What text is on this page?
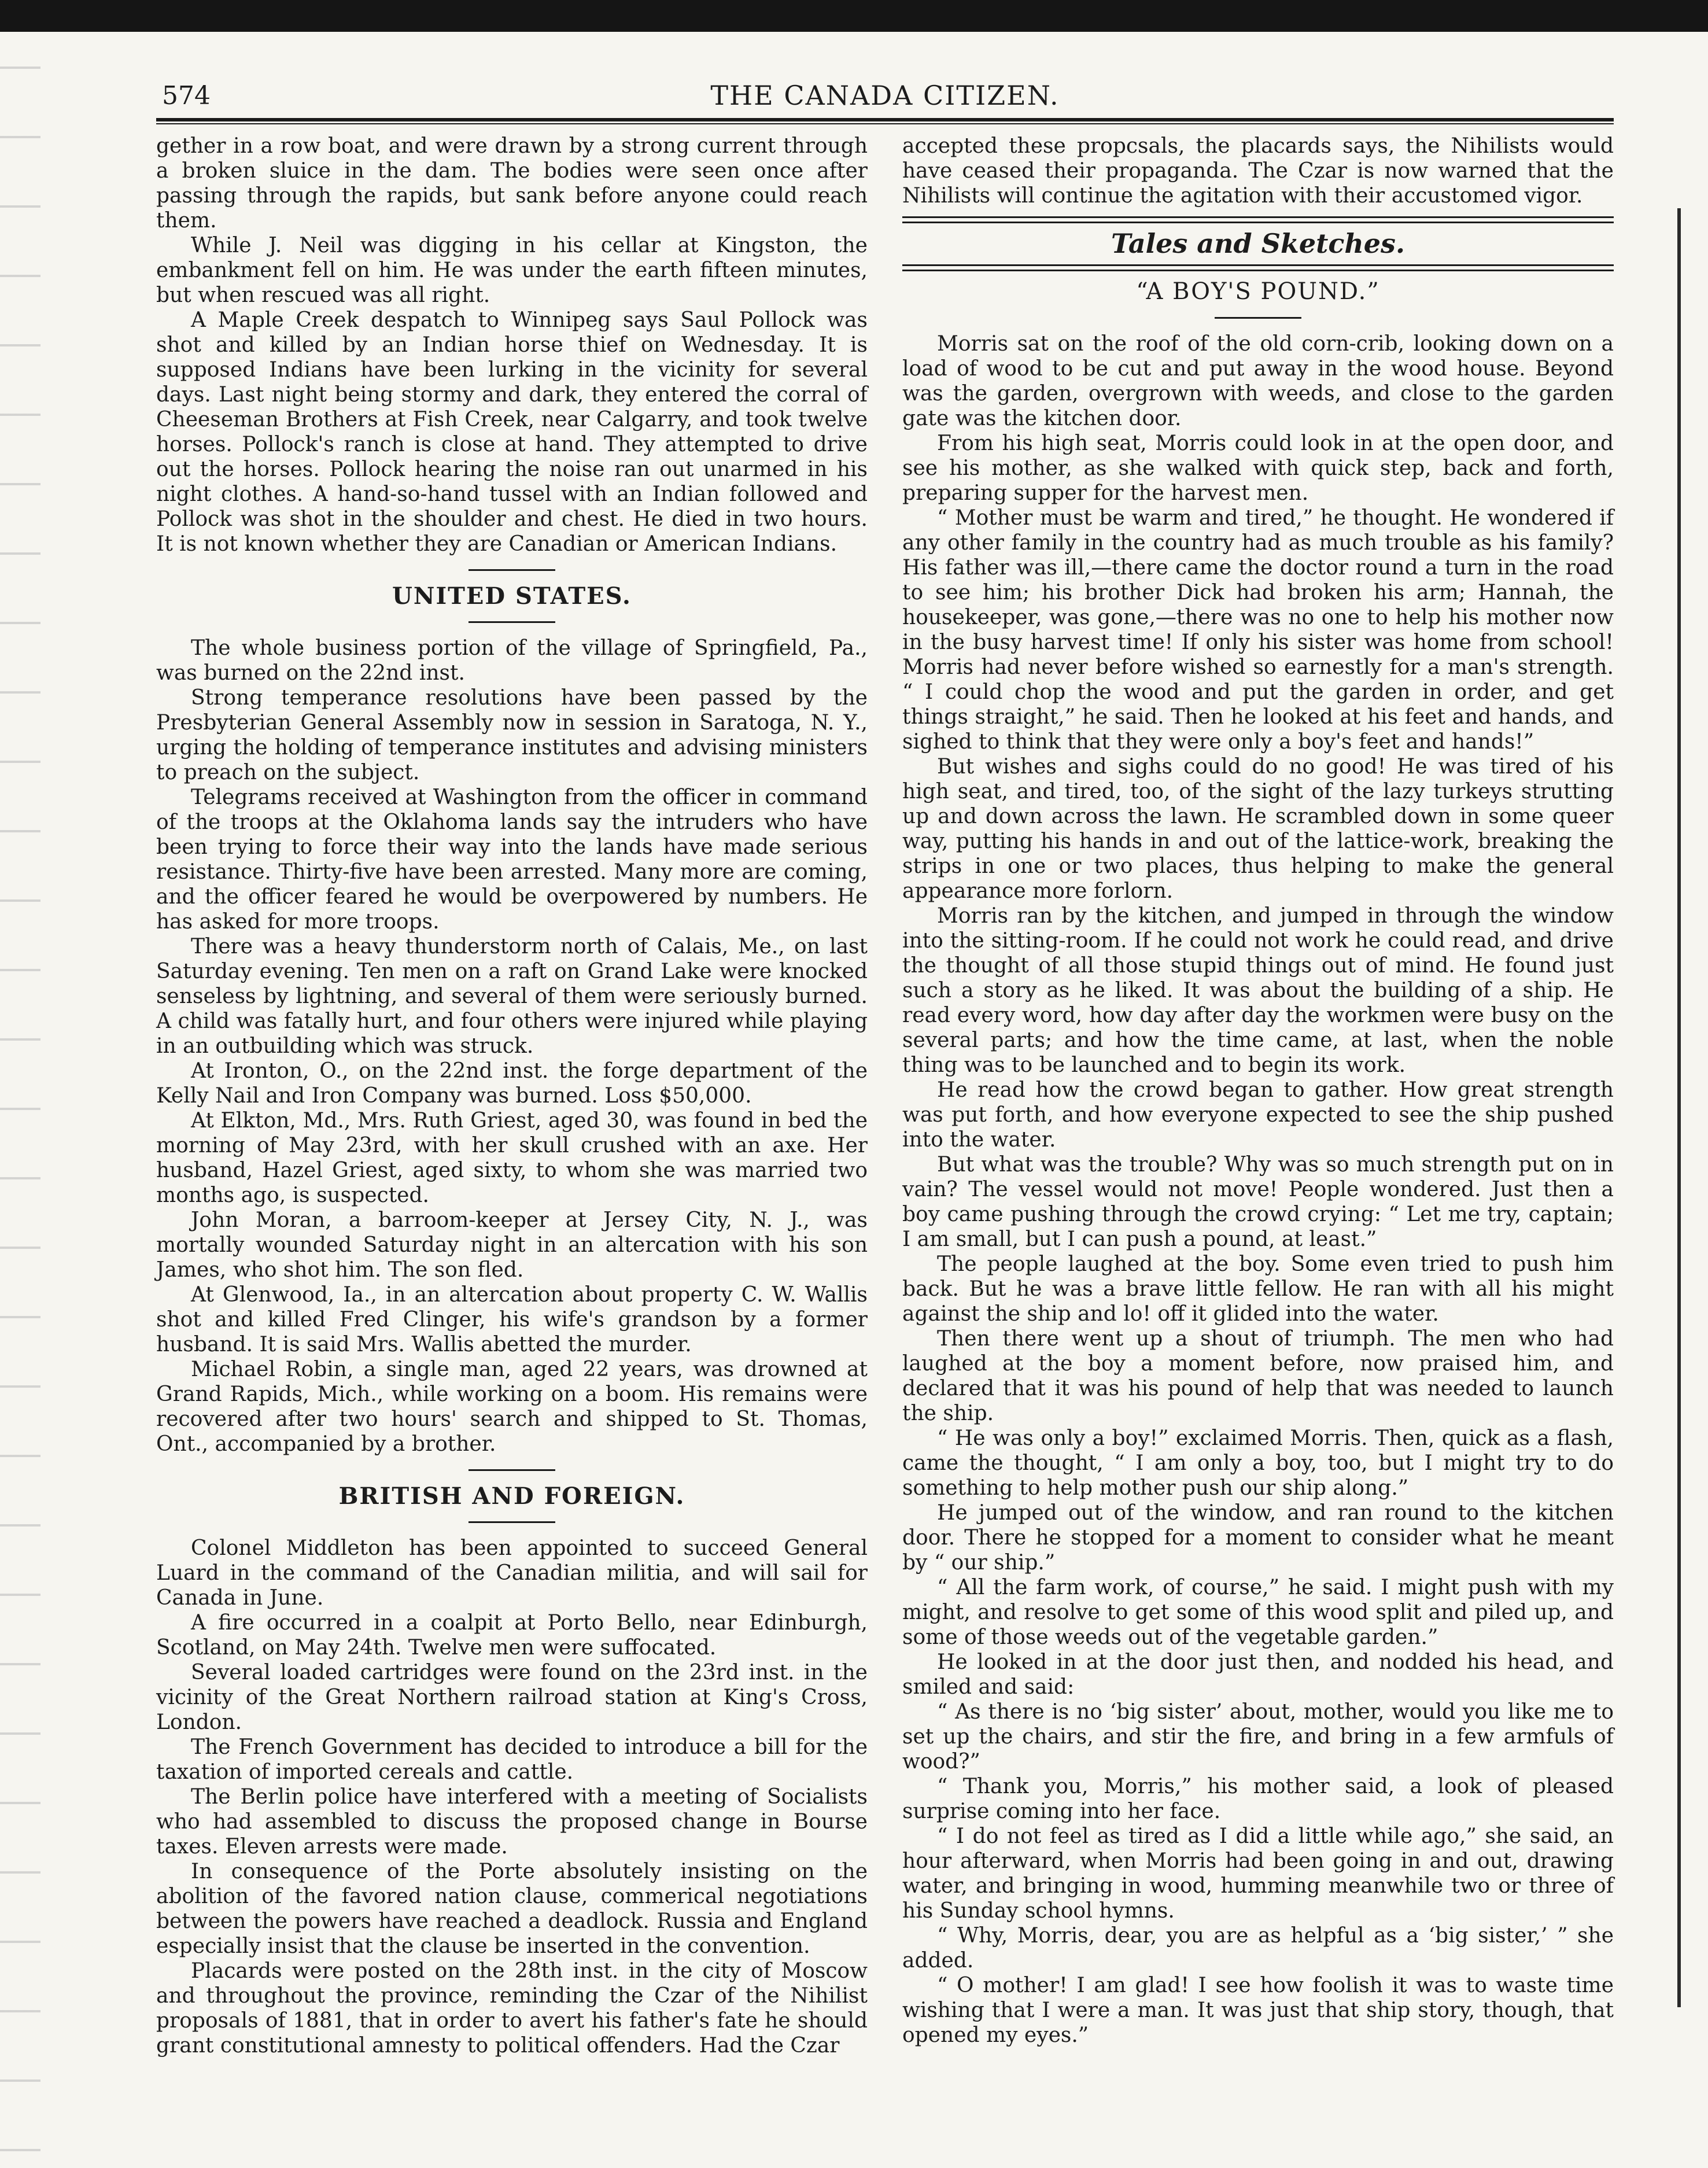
574	THE CANADA CITIZEN.

gether in a row boat, and were drawn by a strong current through a broken sluice in the dam. The bodies were seen once after passing through the rapids, but sank before anyone could reach them.

While J. Neil was digging in his cellar at Kingston, the embankment fell on him. He was under the earth fifteen minutes, but when rescued was all right.

A Maple Creek despatch to Winnipeg says Saul Pollock was shot and killed by an Indian horse thief on Wednesday. It is supposed Indians have been lurking in the vicinity for several days. Last night being stormy and dark, they entered the corral of Cheeseman Brothers at Fish Creek, near Calgarry, and took twelve horses. Pollock's ranch is close at hand. They attempted to drive out the horses. Pollock hearing the noise ran out unarmed in his night clothes. A hand-so-hand tussel with an Indian followed and Pollock was shot in the shoulder and chest. He died in two hours. It is not known whether they are Canadian or American Indians.

UNITED STATES.

The whole business portion of the village of Springfield, Pa., was burned on the 22nd inst.

Strong temperance resolutions have been passed by the Presbyterian General Assembly now in session in Saratoga, N. Y., urging the holding of temperance institutes and advising ministers to preach on the subject.

Telegrams received at Washington from the officer in command of the troops at the Oklahoma lands say the intruders who have been trying to force their way into the lands have made serious resistance. Thirty-five have been arrested. Many more are coming, and the officer feared he would be overpowered by numbers. He has asked for more troops.

There was a heavy thunderstorm north of Calais, Me., on last Saturday evening. Ten men on a raft on Grand Lake were knocked senseless by lightning, and several of them were seriously burned. A child was fatally hurt, and four others were injured while playing in an outbuilding which was struck.

At Ironton, O., on the 22nd inst. the forge department of the Kelly Nail and Iron Company was burned. Loss $50,000.

At Elkton, Md., Mrs. Ruth Griest, aged 30, was found in bed the morning of May 23rd, with her skull crushed with an axe. Her husband, Hazel Griest, aged sixty, to whom she was married two months ago, is suspected.

John Moran, a barroom-keeper at Jersey City, N. J., was mortally wounded Saturday night in an altercation with his son James, who shot him. The son fled.

At Glenwood, Ia., in an altercation about property C. W. Wallis shot and killed Fred Clinger, his wife's grandson by a former husband. It is said Mrs. Wallis abetted the murder.

Michael Robin, a single man, aged 22 years, was drowned at Grand Rapids, Mich., while working on a boom. His remains were recovered after two hours' search and shipped to St. Thomas, Ont., accompanied by a brother.

BRITISH AND FOREIGN.

Colonel Middleton has been appointed to succeed General Luard in the command of the Canadian militia, and will sail for Canada in June.

A fire occurred in a coalpit at Porto Bello, near Edinburgh, Scotland, on May 24th. Twelve men were suffocated.

Several loaded cartridges were found on the 23rd inst. in the vicinity of the Great Northern railroad station at King's Cross, London.

The French Government has decided to introduce a bill for the taxation of imported cereals and cattle.

The Berlin police have interfered with a meeting of Socialists who had assembled to discuss the proposed change in Bourse taxes. Eleven arrests were made.

In consequence of the Porte absolutely insisting on the abolition of the favored nation clause, commerical negotiations between the powers have reached a deadlock. Russia and England especially insist that the clause be inserted in the convention.

Placards were posted on the 28th inst. in the city of Moscow and throughout the province, reminding the Czar of the Nihilist proposals of 1881, that in order to avert his father's fate he should grant constitutional amnesty to political offenders. Had the Czar

accepted these propcsals, the placards says, the Nihilists would have ceased their propaganda. The Czar is now warned that the Nihilists will continue the agitation with their accustomed vigor.

Tales and Sketches.
“A BOY'S POUND.”

Morris sat on the roof of the old corn-crib, looking down on a load of wood to be cut and put away in the wood house. Beyond was the garden, overgrown with weeds, and close to the garden gate was the kitchen door.

From his high seat, Morris could look in at the open door, and see his mother, as she walked with quick step, back and forth, preparing supper for the harvest men.

“ Mother must be warm and tired,” he thought. He wondered if any other family in the country had as much trouble as his family? His father was ill,—there came the doctor round a turn in the road to see him; his brother Dick had broken his arm; Hannah, the housekeeper, was gone,—there was no one to help his mother now in the busy harvest time! If only his sister was home from school! Morris had never before wished so earnestly for a man's strength. “ I could chop the wood and put the garden in order, and get things straight,” he said. Then he looked at his feet and hands, and sighed to think that they were only a boy's feet and hands!”

But wishes and sighs could do no good! He was tired of his high seat, and tired, too, of the sight of the lazy turkeys strutting up and down across the lawn. He scrambled down in some queer way, putting his hands in and out of the lattice-work, breaking the strips in one or two places, thus helping to make the general appearance more forlorn.

Morris ran by the kitchen, and jumped in through the window into the sitting-room. If he could not work he could read, and drive the thought of all those stupid things out of mind. He found just such a story as he liked. It was about the building of a ship. He read every word, how day after day the workmen were busy on the several parts; and how the time came, at last, when the noble thing was to be launched and to begin its work.

He read how the crowd began to gather. How great strength was put forth, and how everyone expected to see the ship pushed into the water.

But what was the trouble? Why was so much strength put on in vain? The vessel would not move! People wondered. Just then a boy came pushing through the crowd crying: “ Let me try, captain; I am small, but I can push a pound, at least.”

The people laughed at the boy. Some even tried to push him back. But he was a brave little fellow. He ran with all his might against the ship and lo! off it glided into the water.

Then there went up a shout of triumph. The men who had laughed at the boy a moment before, now praised him, and declared that it was his pound of help that was needed to launch the ship.

“ He was only a boy!” exclaimed Morris. Then, quick as a flash, came the thought, “ I am only a boy, too, but I might try to do something to help mother push our ship along.”

He jumped out of the window, and ran round to the kitchen door. There he stopped for a moment to consider what he meant by “ our ship.”

“ All the farm work, of course,” he said. I might push with my might, and resolve to get some of this wood split and piled up, and some of those weeds out of the vegetable garden.”

He looked in at the door just then, and nodded his head, and smiled and said:

“ As there is no ‘big sister’ about, mother, would you like me to set up the chairs, and stir the fire, and bring in a few armfuls of wood?”

“ Thank you, Morris,” his mother said, a look of pleased surprise coming into her face.

“ I do not feel as tired as I did a little while ago,” she said, an hour afterward, when Morris had been going in and out, drawing water, and bringing in wood, humming meanwhile two or three of his Sunday school hymns.

“ Why, Morris, dear, you are as helpful as a ‘big sister,’ ” she added.

“ O mother! I am glad! I see how foolish it was to waste time wishing that I were a man. It was just that ship story, though, that opened my eyes.”
